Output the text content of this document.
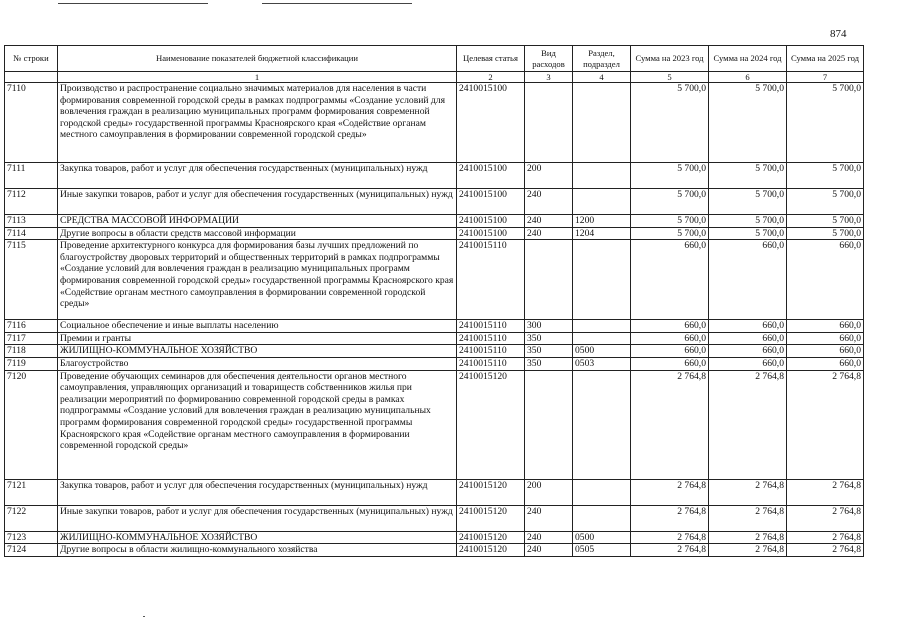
874
№ строки	Наименование показателей бюджетной классификации	Целевая статья	Вид расходов	Раздел, подраздел	Сумма на 2023 год	Сумма на 2024 год	Сумма на 2025 год
	1	2	3	4	5	6	7
7110	Производство и распространение социально значимых материалов для населения в части формирования современной городской среды в рамках подпрограммы «Создание условий для вовлечения граждан в реализацию муниципальных программ формирования современной городской среды» государственной программы Красноярского края «Содействие органам местного самоуправления в формировании современной городской среды»	2410015100			5 700,0	5 700,0	5 700,0
7111	Закупка товаров, работ и услуг для обеспечения государственных (муниципальных) нужд	2410015100	200		5 700,0	5 700,0	5 700,0
7112	Иные закупки товаров, работ и услуг для обеспечения государственных (муниципальных) нужд	2410015100	240		5 700,0	5 700,0	5 700,0
7113	СРЕДСТВА МАССОВОЙ ИНФОРМАЦИИ	2410015100	240	1200	5 700,0	5 700,0	5 700,0
7114	Другие вопросы в области средств массовой информации	2410015100	240	1204	5 700,0	5 700,0	5 700,0
7115	Проведение архитектурного конкурса для формирования базы лучших предложений по благоустройству дворовых территорий и общественных территорий в рамках подпрограммы «Создание условий для вовлечения граждан в реализацию муниципальных программ формирования современной городской среды» государственной программы Красноярского края «Содействие органам местного самоуправления в формировании современной городской среды»	2410015110			660,0	660,0	660,0
7116	Социальное обеспечение и иные выплаты населению	2410015110	300		660,0	660,0	660,0
7117	Премии и гранты	2410015110	350		660,0	660,0	660,0
7118	ЖИЛИЩНО-КОММУНАЛЬНОЕ ХОЗЯЙСТВО	2410015110	350	0500	660,0	660,0	660,0
7119	Благоустройство	2410015110	350	0503	660,0	660,0	660,0
7120	Проведение обучающих семинаров для обеспечения деятельности органов местного самоуправления, управляющих организаций и товариществ собственников жилья при реализации мероприятий по формированию современной городской среды в рамках подпрограммы «Создание условий для вовлечения граждан в реализацию муниципальных программ формирования современной городской среды» государственной программы Красноярского края «Содействие органам местного самоуправления в формировании современной городской среды»	2410015120			2 764,8	2 764,8	2 764,8
7121	Закупка товаров, работ и услуг для обеспечения государственных (муниципальных) нужд	2410015120	200		2 764,8	2 764,8	2 764,8
7122	Иные закупки товаров, работ и услуг для обеспечения государственных (муниципальных) нужд	2410015120	240		2 764,8	2 764,8	2 764,8
7123	ЖИЛИЩНО-КОММУНАЛЬНОЕ ХОЗЯЙСТВО	2410015120	240	0500	2 764,8	2 764,8	2 764,8
7124	Другие вопросы в области жилищно-коммунального хозяйства	2410015120	240	0505	2 764,8	2 764,8	2 764,8
